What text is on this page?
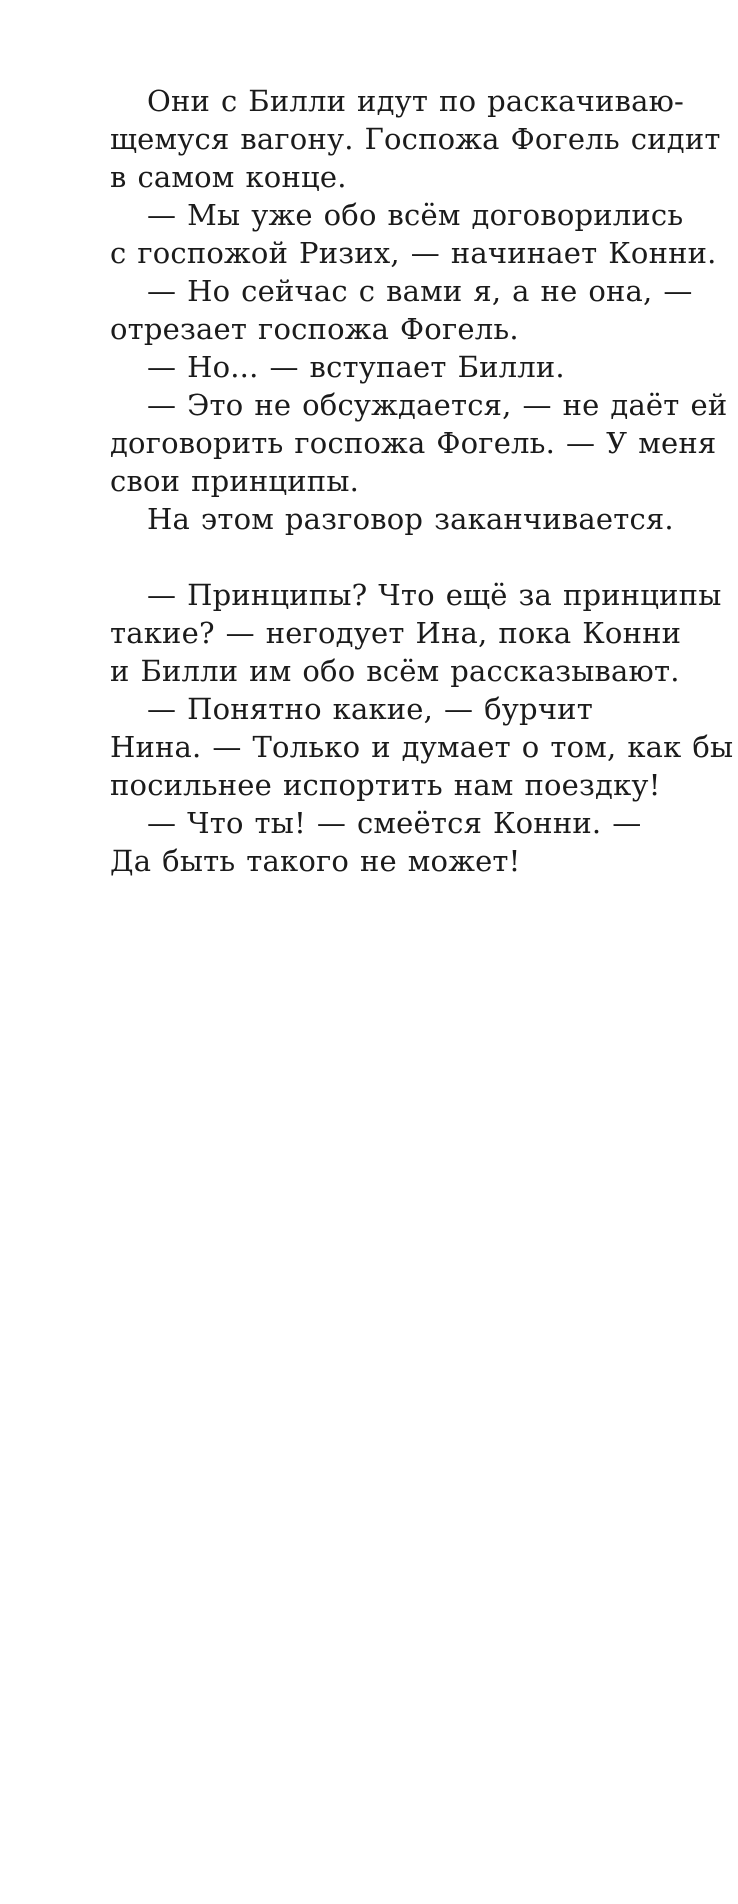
Они с Билли идут по раскачиваю-
щемуся вагону. Госпожа Фогель сидит
в самом конце.
— Мы уже обо всём договорились
с госпожой Ризих, — начинает Конни.
— Но сейчас с вами я, а не она, —
отрезает госпожа Фогель.
— Но... — вступает Билли.
— Это не обсуждается, — не даёт ей
договорить госпожа Фогель. — У меня
свои принципы.
На этом разговор заканчивается.
— Принципы? Что ещё за принципы
такие? — негодует Ина, пока Конни
и Билли им обо всём рассказывают.
— Понятно какие, — бурчит
Нина. — Только и думает о том, как бы
посильнее испортить нам поездку!
— Что ты! — смеётся Конни. —
Да быть такого не может!
